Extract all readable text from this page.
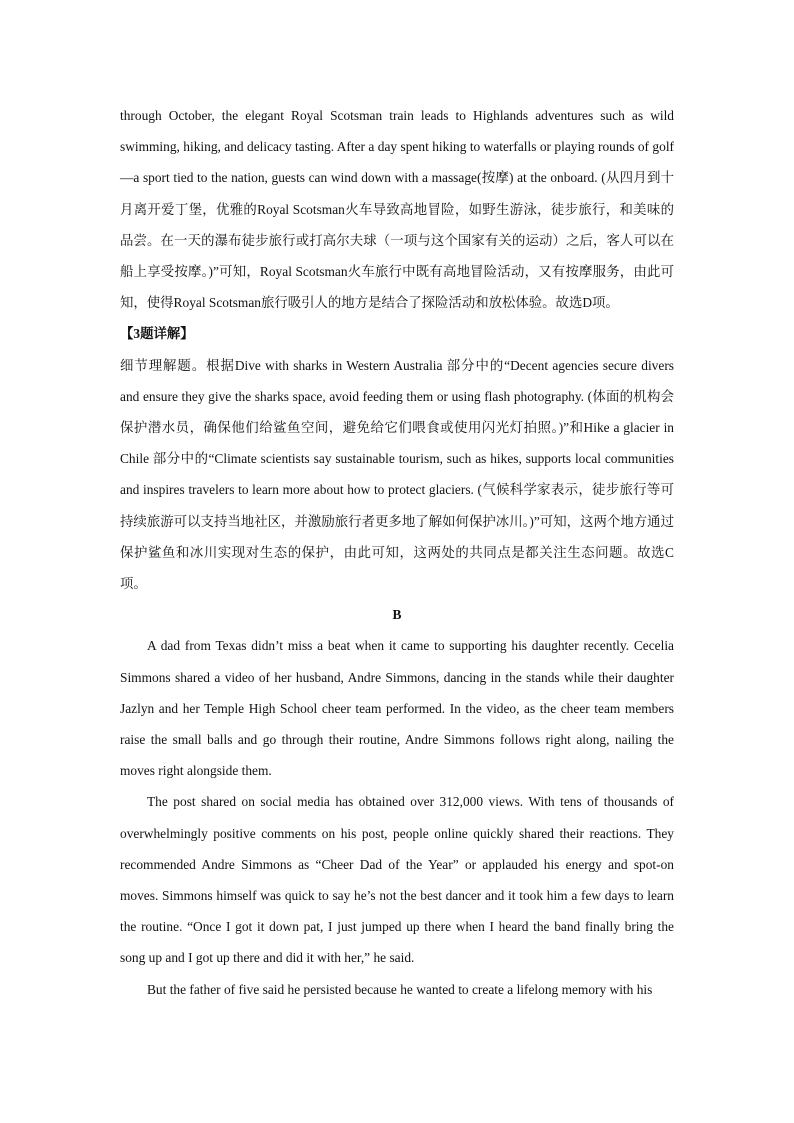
through October, the elegant Royal Scotsman train leads to Highlands adventures such as wild swimming, hiking, and delicacy tasting. After a day spent hiking to waterfalls or playing rounds of golf—a sport tied to the nation, guests can wind down with a massage(按摩) at the onboard. (从四月到十月离开爱丁堡，优雅的Royal Scotsman火车导致高地冒险，如野生游泳，徒步旅行，和美味的品尝。在一天的瀑布徒步旅行或打高尔夫球（一项与这个国家有关的运动）之后，客人可以在船上享受按摩。)”可知，Royal Scotsman火车旅行中既有高地冒险活动，又有按摩服务，由此可知，使得Royal Scotsman旅行吸引人的地方是结合了探险活动和放松体验。故选D项。

【3题详解】

细节理解题。根据Dive with sharks in Western Australia 部分中的“Decent agencies secure divers and ensure they give the sharks space, avoid feeding them or using flash photography. (体面的机构会保护潜水员，确保他们给鲨鱼空间，避免给它们喂食或使用闪光灯拍照。)”和Hike a glacier in Chile 部分中的“Climate scientists say sustainable tourism, such as hikes, supports local communities and inspires travelers to learn more about how to protect glaciers. (气候科学家表示，徒步旅行等可持续旅游可以支持当地社区，并激励旅行者更多地了解如何保护冰川。)”可知，这两个地方通过保护鲨鱼和冰川实现对生态的保护，由此可知，这两处的共同点是都关注生态问题。故选C项。

B

A dad from Texas didn’t miss a beat when it came to supporting his daughter recently. Cecelia Simmons shared a video of her husband, Andre Simmons, dancing in the stands while their daughter Jazlyn and her Temple High School cheer team performed. In the video, as the cheer team members raise the small balls and go through their routine, Andre Simmons follows right along, nailing the moves right alongside them.

The post shared on social media has obtained over 312,000 views. With tens of thousands of overwhelmingly positive comments on his post, people online quickly shared their reactions. They recommended Andre Simmons as “Cheer Dad of the Year” or applauded his energy and spot-on moves. Simmons himself was quick to say he’s not the best dancer and it took him a few days to learn the routine. “Once I got it down pat, I just jumped up there when I heard the band finally bring the song up and I got up there and did it with her,” he said.

But the father of five said he persisted because he wanted to create a lifelong memory with his
